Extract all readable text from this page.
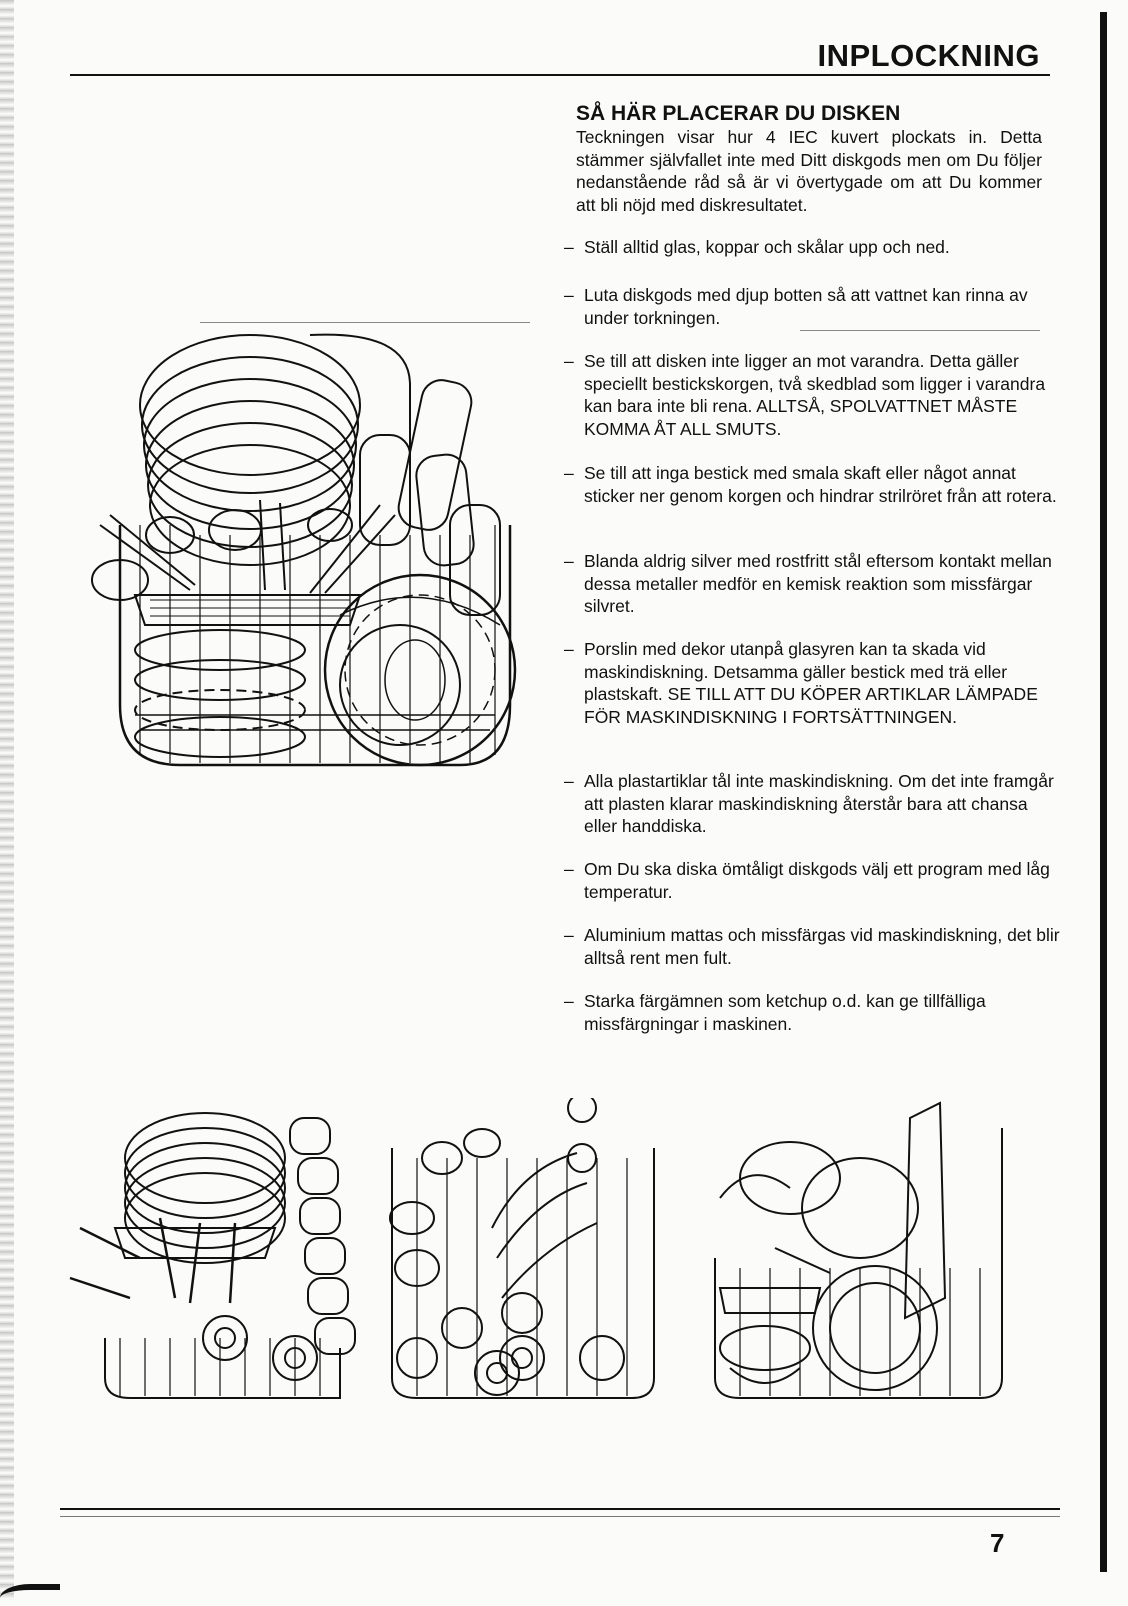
INPLOCKNING
SÅ HÄR PLACERAR DU DISKEN
Teckningen visar hur 4 IEC kuvert plockats in. Detta stämmer självfallet inte med Ditt diskgods men om Du följer nedanstående råd så är vi övertygade om att Du kommer att bli nöjd med diskresultatet.
– Ställ alltid glas, koppar och skålar upp och ned.
– Luta diskgods med djup botten så att vattnet kan rinna av under torkningen.
– Se till att disken inte ligger an mot varandra. Detta gäller speciellt bestickskorgen, två skedblad som ligger i varandra kan bara inte bli rena. ALLTSÅ, SPOLVATTNET MÅSTE KOMMA ÅT ALL SMUTS.
– Se till att inga bestick med smala skaft eller något annat sticker ner genom korgen och hindrar strilröret från att rotera.
– Blanda aldrig silver med rostfritt stål eftersom kontakt mellan dessa metaller medför en kemisk reaktion som missfärgar silvret.
– Porslin med dekor utanpå glasyren kan ta skada vid maskindiskning. Detsamma gäller bestick med trä eller plastskaft. SE TILL ATT DU KÖPER ARTIKLAR LÄMPADE FÖR MASKINDISKNING I FORTSÄTTNINGEN.
– Alla plastartiklar tål inte maskindiskning. Om det inte framgår att plasten klarar maskindiskning återstår bara att chansa eller handdiska.
– Om Du ska diska ömtåligt diskgods välj ett program med låg temperatur.
– Aluminium mattas och missfärgas vid maskindiskning, det blir alltså rent men fult.
– Starka färgämnen som ketchup o.d. kan ge tillfälliga missfärgningar i maskinen.
7
